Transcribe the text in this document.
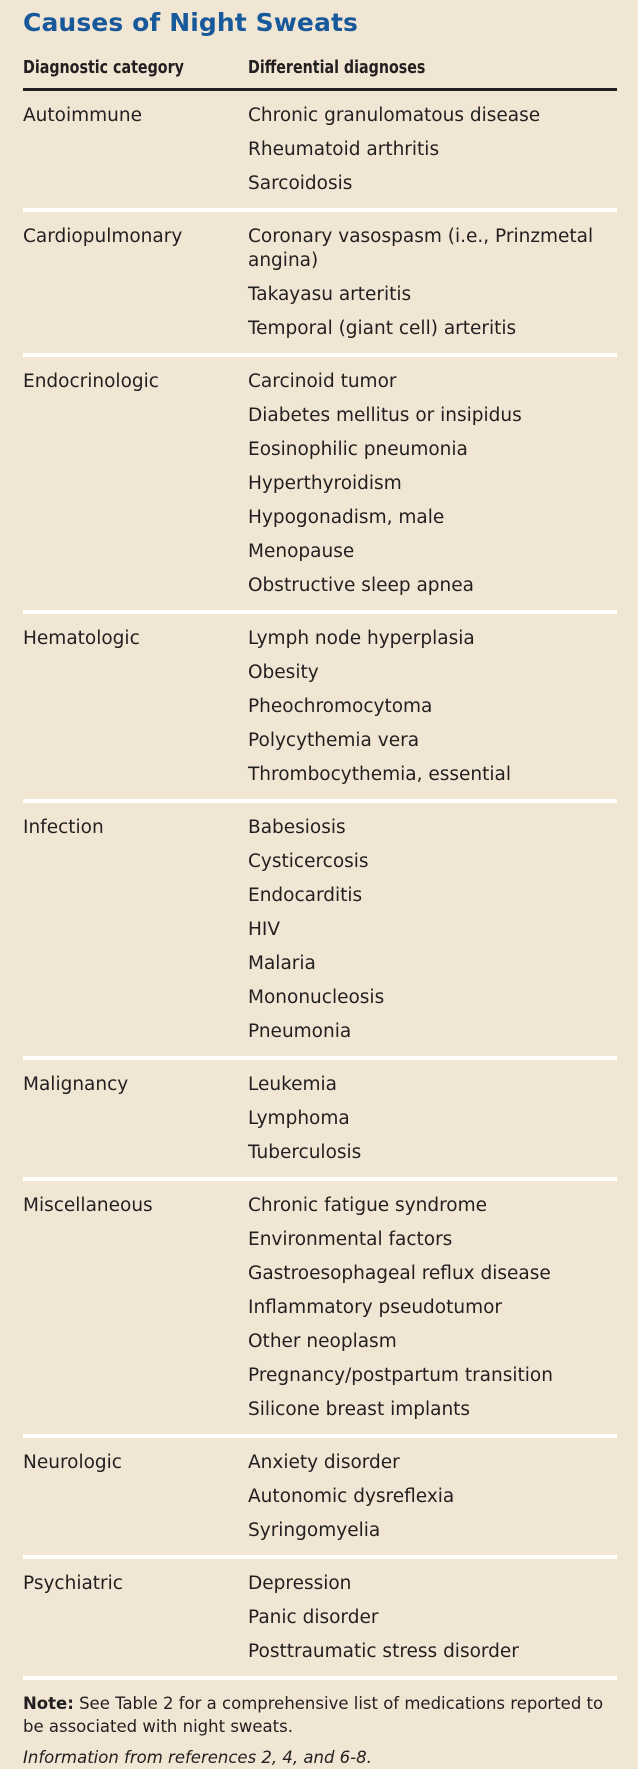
Causes of Night Sweats
Diagnostic category	Differential diagnoses
Autoimmune	Chronic granulomatous disease
Rheumatoid arthritis
Sarcoidosis
Cardiopulmonary	Coronary vasospasm (i.e., Prinzmetal angina)
Takayasu arteritis
Temporal (giant cell) arteritis
Endocrinologic	Carcinoid tumor
Diabetes mellitus or insipidus
Eosinophilic pneumonia
Hyperthyroidism
Hypogonadism, male
Menopause
Obstructive sleep apnea
Hematologic	Lymph node hyperplasia
Obesity
Pheochromocytoma
Polycythemia vera
Thrombocythemia, essential
Infection	Babesiosis
Cysticercosis
Endocarditis
HIV
Malaria
Mononucleosis
Pneumonia
Malignancy	Leukemia
Lymphoma
Tuberculosis
Miscellaneous	Chronic fatigue syndrome
Environmental factors
Gastroesophageal reflux disease
Inflammatory pseudotumor
Other neoplasm
Pregnancy/postpartum transition
Silicone breast implants
Neurologic	Anxiety disorder
Autonomic dysreflexia
Syringomyelia
Psychiatric	Depression
Panic disorder
Posttraumatic stress disorder
Note: See Table 2 for a comprehensive list of medications reported to be associated with night sweats.
Information from references 2, 4, and 6-8.
